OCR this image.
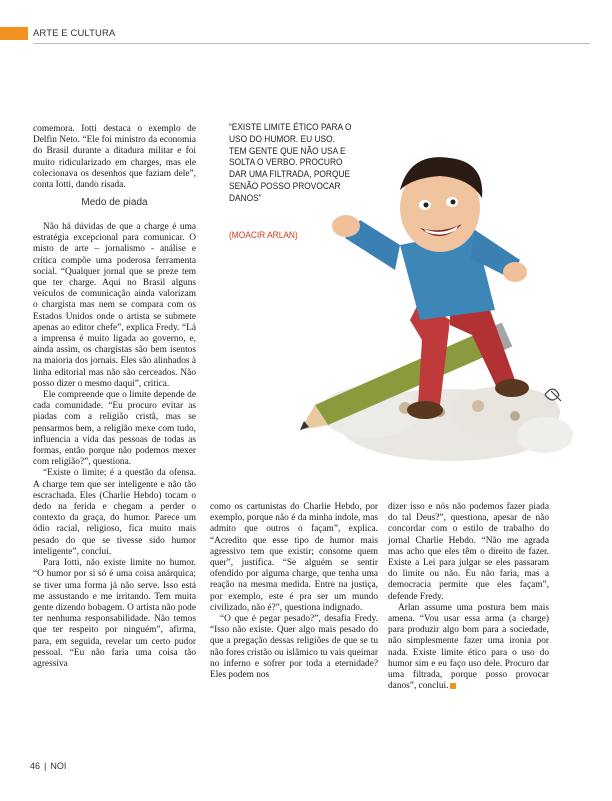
ARTE E CULTURA

comemora. Iotti destaca o exemplo de Delfin Neto. “Ele foi ministro da economia do Brasil durante a ditadura militar e foi muito ridicularizado em charges, mas ele colecionava os desenhos que faziam dele”, conta Iotti, dando risada.

Medo de piada

Não há dúvidas de que a charge é uma estratégia excepcional para comunicar. O misto de arte – jornalismo - análise e crítica compõe uma poderosa ferramenta social. “Qualquer jornal que se preze tem que ter charge. Aqui no Brasil alguns veículos de comunicação ainda valorizam o chargista mas nem se compara com os Estados Unidos onde o artista se submete apenas ao editor chefe”, explica Fredy. “Lá a imprensa é muito ligada ao governo, e, ainda assim, os chargistas são bem isentos na maioria dos jornais. Eles são alinhados à linha editorial mas não são cerceados. Não posso dizer o mesmo daqui”, critica.

Ele compreende que o limite depende de cada comunidade. “Eu procuro evitar as piadas com a religião cristã, mas se pensarmos bem, a religião mexe com tudo, influencia a vida das pessoas de todas as formas, então porque não podemos mexer com religião?”, questiona.

“Existe o limite; é a questão da ofensa. A charge tem que ser inteligente e não tão escrachada. Eles (Charlie Hebdo) tocam o dedo na ferida e chegam a perder o contexto da graça, do humor. Parece um ódio racial, religioso, fica muito mais pesado do que se tivesse sido humor inteligente”, conclui.

Para Iotti, não existe limite no humor. “O humor por si só é uma coisa anárquica; se tiver uma forma já não serve. Isso está me assustando e me irritando. Tem muita gente dizendo bobagem. O artista não pode ter nenhuma responsabilidade. Não temos que ter respeito por ninguém”, afirma, para, em seguida, revelar um certo pudor pessoal. “Eu não faria uma coisa tão agressiva

como os cartunistas do Charlie Hebdo, por exemplo, porque não é da minha índole, mas admito que outros o façam”, explica. “Acredito que esse tipo de humor mais agressivo tem que existir; consome quem quer”, justifica. “Se alguém se sentir ofendido por alguma charge, que tenha uma reação na mesma medida. Entre na justiça, por exemplo, este é pra ser um mundo civilizado, não é?”, questiona indignado.

“O que é pegar pesado?”, desafia Fredy. “Isso não existe. Quer algo mais pesado do que a pregação dessas religiões de que se tu não fores cristão ou islâmico tu vais queimar no inferno e sofrer por toda a eternidade? Eles podem nos

dizer isso e nós não podemos fazer piada do tal Deus?”, questiona, apesar de não concordar com o estilo de trabalho do jornal Charlie Hebdo. “Não me agrada mas acho que eles têm o direito de fazer. Existe a Lei para julgar se eles passaram do limite ou não. Eu não faria, mas a democracia permite que eles façam”, defende Fredy.

Arlan assume uma postura bem mais amena. “Vou usar essa arma (a charge) para produzir algo bom para a sociedade, não simplesmente fazer uma ironia por nada. Existe limite ético para o uso do humor sim e eu faço uso dele. Procuro dar uma filtrada, porque posso provocar danos”, conclui.

“EXISTE LIMITE ÉTICO PARA O USO DO HUMOR. EU USO. TEM GENTE QUE NÃO USA E SOLTA O VERBO. PROCURO DAR UMA FILTRADA, PORQUE SENÃO POSSO PROVOCAR DANOS”
(MOACIR ARLAN)
46 | NOI
